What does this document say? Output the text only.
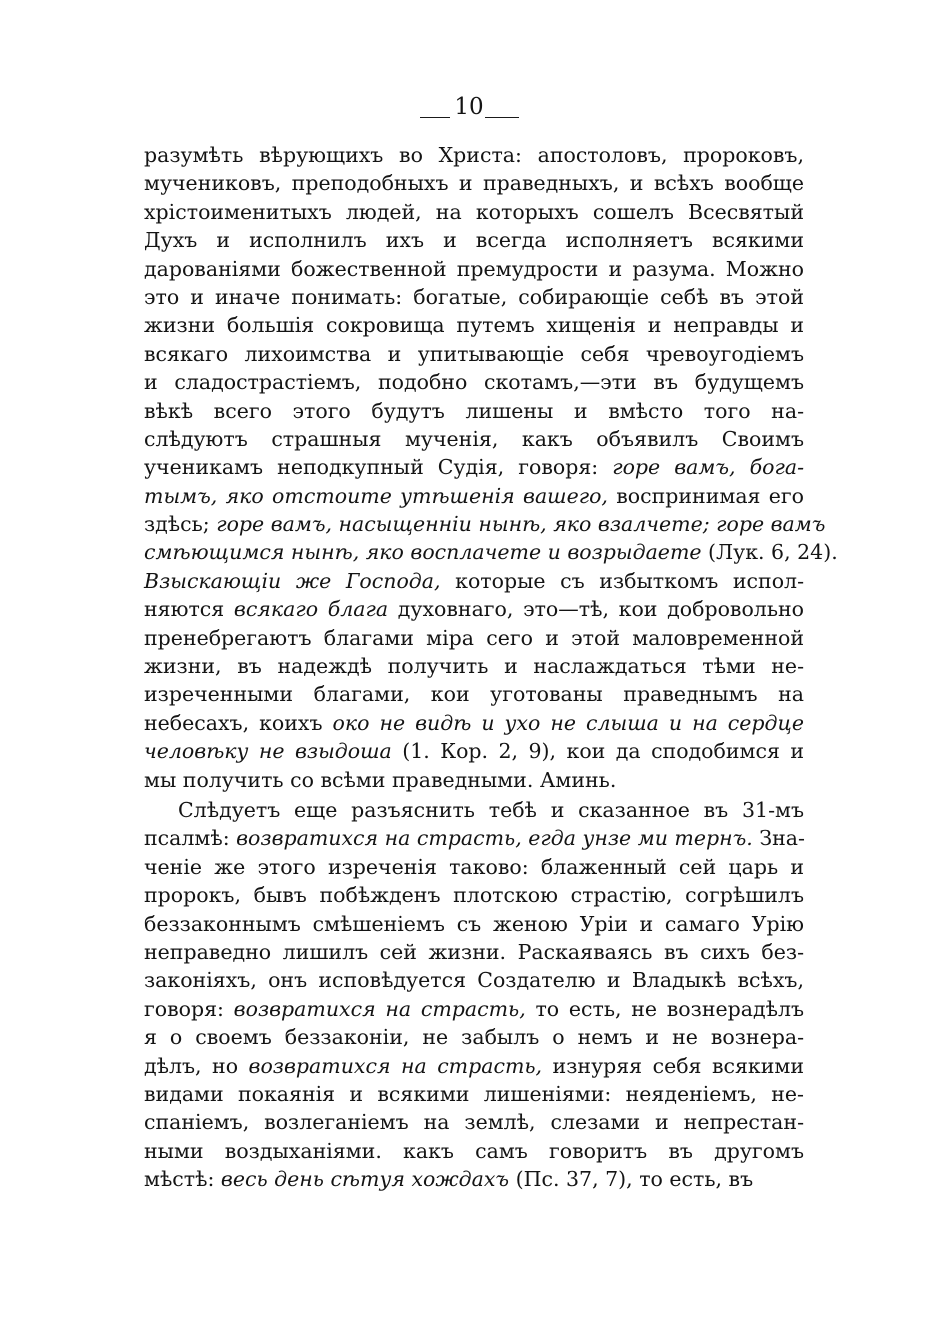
10
разумѣть вѣрующихъ во Христа: апостоловъ, пророковъ,
мучениковъ, преподобныхъ и праведныхъ, и всѣхъ вообще
хрістоименитыхъ людей, на которыхъ сошелъ Всесвятый
Духъ и исполнилъ ихъ и всегда исполняетъ всякими
дарованіями божественной премудрости и разума. Можно
это и иначе понимать: богатые, собирающіе себѣ въ этой
жизни большія сокровища путемъ хищенія и неправды и
всякаго лихоимства и упитывающіе себя чревоугодіемъ
и сладострастіемъ, подобно скотамъ,—эти въ будущемъ
вѣкѣ всего этого будутъ лишены и вмѣсто того на-
слѣдуютъ страшныя мученія, какъ объявилъ Своимъ
ученикамъ неподкупный Судія, говоря: горе вамъ, бога-
тымъ, яко отстоите утѣшенія вашего, воспринимая его
здѣсь; горе вамъ, насыщенніи нынѣ, яко взалчете; горе вамъ
смѣющимся нынѣ, яко восплачете и возрыдаете (Лук. 6, 24).
Взыскающіи же Господа, которые съ избыткомъ испол-
няются всякаго блага духовнаго, это—тѣ, кои добровольно
пренебрегаютъ благами міра сего и этой маловременной
жизни, въ надеждѣ получить и наслаждаться тѣми не-
изреченными благами, кои уготованы праведнымъ на
небесахъ, коихъ око не видѣ и ухо не слыша и на сердце
человѣку не взыдоша (1. Кор. 2, 9), кои да сподобимся и
мы получить со всѣми праведными. Аминь.
Слѣдуетъ еще разъяснить тебѣ и сказанное въ 31-мъ
псалмѣ: возвратихся на страсть, егда унзе ми тернъ. Зна-
ченіе же этого изреченія таково: блаженный сей царь и
пророкъ, бывъ побѣжденъ плотскою страстію, согрѣшилъ
беззаконнымъ смѣшеніемъ съ женою Уріи и самаго Урію
неправедно лишилъ сей жизни. Раскаяваясь въ сихъ без-
законіяхъ, онъ исповѣдуется Создателю и Владыкѣ всѣхъ,
говоря: возвратихся на страсть, то есть, не вознерадѣлъ
я о своемъ беззаконіи, не забылъ о немъ и не вознера-
дѣлъ, но возвратихся на страсть, изнуряя себя всякими
видами покаянія и всякими лишеніями: неяденіемъ, не-
спаніемъ, возлеганіемъ на землѣ, слезами и непрестан-
ными воздыханіями. какъ самъ говоритъ въ другомъ
мѣстѣ: весь день сѣтуя хождахъ (Пс. 37, 7), то есть, въ
